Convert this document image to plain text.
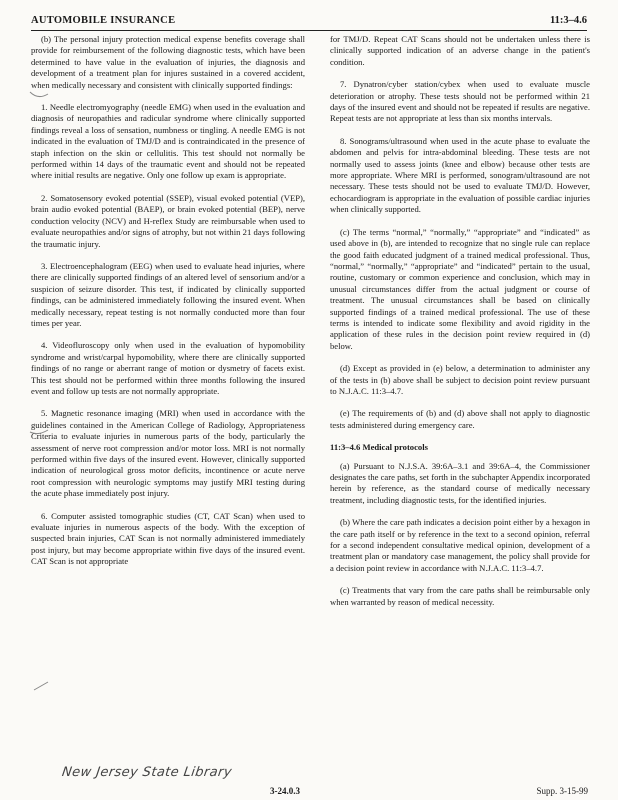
AUTOMOBILE INSURANCE	11:3–4.6

(b) The personal injury protection medical expense benefits coverage shall provide for reimbursement of the following diagnostic tests, which have been determined to have value in the evaluation of injuries, the diagnosis and development of a treatment plan for injures sustained in a covered accident, when medically necessary and consistent with clinically supported findings:

1. Needle electromyography (needle EMG) when used in the evaluation and diagnosis of neuropathies and radicular syndrome where clinically supported findings reveal a loss of sensation, numbness or tingling. A needle EMG is not indicated in the evaluation of TMJ/D and is contraindicated in the presence of staph infection on the skin or cellulitis. This test should not normally be performed within 14 days of the traumatic event and should not be repeated where initial results are negative. Only one follow up exam is appropriate.

2. Somatosensory evoked potential (SSEP), visual evoked potential (VEP), brain audio evoked potential (BAEP), or brain evoked potential (BEP), nerve conduction velocity (NCV) and H-reflex Study are reimbursable when used to evaluate neuropathies and/or signs of atrophy, but not within 21 days following the traumatic injury.

3. Electroencephalogram (EEG) when used to evaluate head injuries, where there are clinically supported findings of an altered level of sensorium and/or a suspicion of seizure disorder. This test, if indicated by clinically supported findings, can be administered immediately following the insured event. When medically necessary, repeat testing is not normally conducted more than four times per year.

4. Videofluroscopy only when used in the evaluation of hypomobility syndrome and wrist/carpal hypomobility, where there are clinically supported findings of no range or aberrant range of motion or dysmetry of facets exist. This test should not be performed within three months following the insured event and follow up tests are not normally appropriate.

5. Magnetic resonance imaging (MRI) when used in accordance with the guidelines contained in the American College of Radiology, Appropriateness Criteria to evaluate injuries in numerous parts of the body, particularly the assessment of nerve root compression and/or motor loss. MRI is not normally performed within five days of the insured event. However, clinically supported indication of neurological gross motor deficits, incontinence or acute nerve root compression with neurologic symptoms may justify MRI testing during the acute phase immediately post injury.

6. Computer assisted tomographic studies (CT, CAT Scan) when used to evaluate injuries in numerous aspects of the body. With the exception of suspected brain injuries, CAT Scan is not normally administered immediately post injury, but may become appropriate within five days of the insured event. CAT Scan is not appropriate

for TMJ/D. Repeat CAT Scans should not be undertaken unless there is clinically supported indication of an adverse change in the patient's condition.

7. Dynatron/cyber station/cybex when used to evaluate muscle deterioration or atrophy. These tests should not be performed within 21 days of the insured event and should not be repeated if results are negative. Repeat tests are not appropriate at less than six months intervals.

8. Sonograms/ultrasound when used in the acute phase to evaluate the abdomen and pelvis for intra-abdominal bleeding. These tests are not normally used to assess joints (knee and elbow) because other tests are more appropriate. Where MRI is performed, sonogram/ultrasound are not necessary. These tests should not be used to evaluate TMJ/D. However, echocardiogram is appropriate in the evaluation of possible cardiac injuries when clinically supported.

(c) The terms “normal,” “normally,” “appropriate” and “indicated” as used above in (b), are intended to recognize that no single rule can replace the good faith educated judgment of a trained medical professional. Thus, “normal,” “normally,” “appropriate” and “indicated” pertain to the usual, routine, customary or common experience and conclusion, which may in unusual circumstances differ from the actual judgment or course of treatment. The unusual circumstances shall be based on clinically supported findings of a trained medical professional. The use of these terms is intended to indicate some flexibility and avoid rigidity in the application of these rules in the decision point review required in (d) below.

(d) Except as provided in (e) below, a determination to administer any of the tests in (b) above shall be subject to decision point review pursuant to N.J.A.C. 11:3–4.7.

(e) The requirements of (b) and (d) above shall not apply to diagnostic tests administered during emergency care.

11:3–4.6 Medical protocols

(a) Pursuant to N.J.S.A. 39:6A–3.1 and 39:6A–4, the Commissioner designates the care paths, set forth in the subchapter Appendix incorporated herein by reference, as the standard course of medically necessary treatment, including diagnostic tests, for the identified injuries.

(b) Where the care path indicates a decision point either by a hexagon in the care path itself or by reference in the text to a second opinion, referral for a second independent consultative medical opinion, development of a treatment plan or mandatory case management, the policy shall provide for a decision point review in accordance with N.J.A.C. 11:3–4.7.

(c) Treatments that vary from the care paths shall be reimbursable only when warranted by reason of medical necessity.

New Jersey State Library
3-24.0.3	Supp. 3-15-99
